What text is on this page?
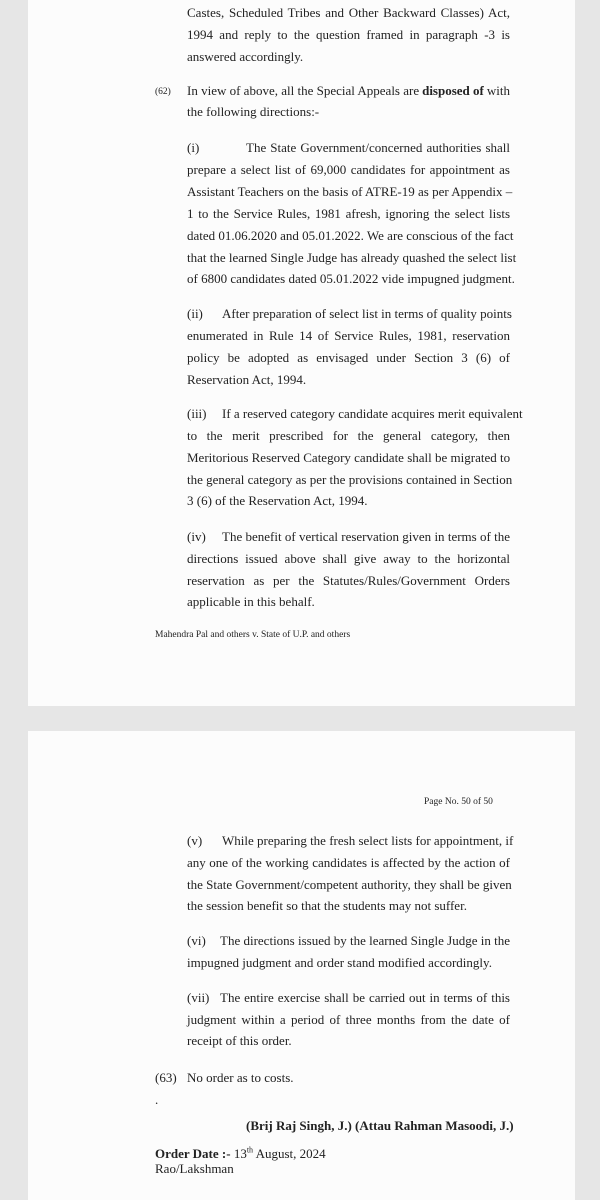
Castes, Scheduled Tribes and Other Backward Classes) Act,
1994 and reply to the question framed in paragraph -3 is
answered accordingly.
(62) In view of above, all the Special Appeals are disposed of with
the following directions:-
(i)	The State Government/concerned authorities shall
prepare a select list of 69,000 candidates for appointment as
Assistant Teachers on the basis of ATRE-19 as per Appendix –
1 to the Service Rules, 1981 afresh, ignoring the select lists
dated 01.06.2020 and 05.01.2022. We are conscious of the fact
that the learned Single Judge has already quashed the select list
of 6800 candidates dated 05.01.2022 vide impugned judgment.
(ii) After preparation of select list in terms of quality points
enumerated in Rule 14 of Service Rules, 1981, reservation
policy be adopted as envisaged under Section 3 (6) of
Reservation Act, 1994.
(iii) If a reserved category candidate acquires merit equivalent
to the merit prescribed for the general category, then
Meritorious Reserved Category candidate shall be migrated to
the general category as per the provisions contained in Section
3 (6) of the Reservation Act, 1994.
(iv) The benefit of vertical reservation given in terms of the
directions issued above shall give away to the horizontal
reservation as per the Statutes/Rules/Government Orders
applicable in this behalf.
Mahendra Pal and others v. State of U.P. and others
Page No. 50 of 50
(v) While preparing the fresh select lists for appointment, if
any one of the working candidates is affected by the action of
the State Government/competent authority, they shall be given
the session benefit so that the students may not suffer.
(vi) The directions issued by the learned Single Judge in the
impugned judgment and order stand modified accordingly.
(vii) The entire exercise shall be carried out in terms of this
judgment within a period of three months from the date of
receipt of this order.
(63) No order as to costs.
.
(Brij Raj Singh, J.) (Attau Rahman Masoodi, J.)
Order Date :- 13th August, 2024
Rao/Lakshman
